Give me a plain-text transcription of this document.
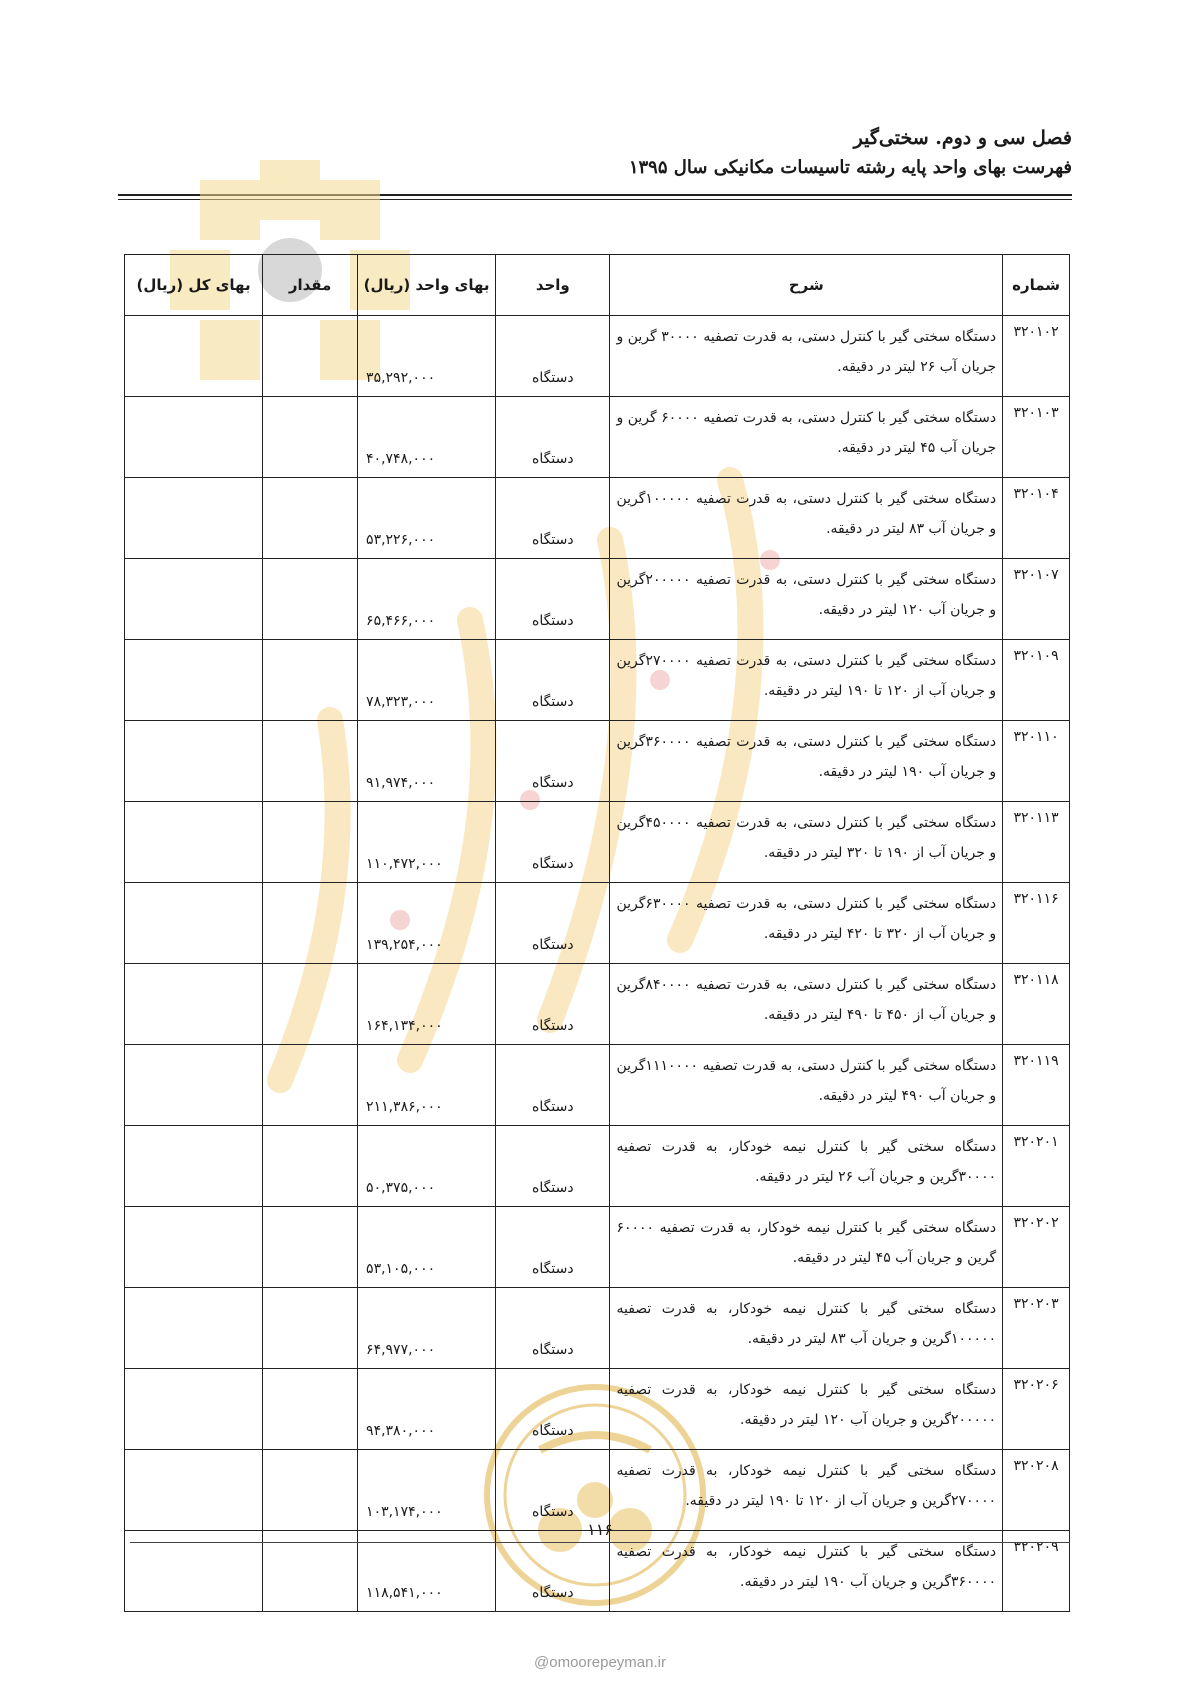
فصل سی و دوم. سختی‌گیر
فهرست بهای واحد پایه رشته تاسیسات مکانیکی سال ۱۳۹۵
شماره	شرح	واحد	بهای واحد (ریال)	مقدار	بهای کل (ریال)
۳۲۰۱۰۲	دستگاه سختی گیر با کنترل دستی، به قدرت تصفیه ۳۰۰۰۰ گرین و جریان آب ۲۶ لیتر در دقیقه.	دستگاه	۳۵,۲۹۲,۰۰۰		
۳۲۰۱۰۳	دستگاه سختی گیر با کنترل دستی، به قدرت تصفیه ۶۰۰۰۰ گرین و جریان آب ۴۵ لیتر در دقیقه.	دستگاه	۴۰,۷۴۸,۰۰۰		
۳۲۰۱۰۴	دستگاه سختی گیر با کنترل دستی، به قدرت تصفیه ۱۰۰۰۰۰گرین و جریان آب ۸۳ لیتر در دقیقه.	دستگاه	۵۳,۲۲۶,۰۰۰		
۳۲۰۱۰۷	دستگاه سختی گیر با کنترل دستی، به قدرت تصفیه ۲۰۰۰۰۰گرین و جریان آب ۱۲۰ لیتر در دقیقه.	دستگاه	۶۵,۴۶۶,۰۰۰		
۳۲۰۱۰۹	دستگاه سختی گیر با کنترل دستی، به قدرت تصفیه ۲۷۰۰۰۰گرین و جریان آب از ۱۲۰ تا ۱۹۰ لیتر در دقیقه.	دستگاه	۷۸,۳۲۳,۰۰۰		
۳۲۰۱۱۰	دستگاه سختی گیر با کنترل دستی، به قدرت تصفیه ۳۶۰۰۰۰گرین و جریان آب ۱۹۰ لیتر در دقیقه.	دستگاه	۹۱,۹۷۴,۰۰۰		
۳۲۰۱۱۳	دستگاه سختی گیر با کنترل دستی، به قدرت تصفیه ۴۵۰۰۰۰گرین و جریان آب از ۱۹۰ تا ۳۲۰ لیتر در دقیقه.	دستگاه	۱۱۰,۴۷۲,۰۰۰		
۳۲۰۱۱۶	دستگاه سختی گیر با کنترل دستی، به قدرت تصفیه ۶۳۰۰۰۰گرین و جریان آب از ۳۲۰ تا ۴۲۰ لیتر در دقیقه.	دستگاه	۱۳۹,۲۵۴,۰۰۰		
۳۲۰۱۱۸	دستگاه سختی گیر با کنترل دستی، به قدرت تصفیه ۸۴۰۰۰۰گرین و جریان آب از ۴۵۰ تا ۴۹۰ لیتر در دقیقه.	دستگاه	۱۶۴,۱۳۴,۰۰۰		
۳۲۰۱۱۹	دستگاه سختی گیر با کنترل دستی، به قدرت تصفیه ۱۱۱۰۰۰۰گرین و جریان آب ۴۹۰ لیتر در دقیقه.	دستگاه	۲۱۱,۳۸۶,۰۰۰		
۳۲۰۲۰۱	دستگاه سختی گیر با کنترل نیمه خودکار، به قدرت تصفیه ۳۰۰۰۰گرین و جریان آب ۲۶ لیتر در دقیقه.	دستگاه	۵۰,۳۷۵,۰۰۰		
۳۲۰۲۰۲	دستگاه سختی گیر با کنترل نیمه خودکار، به قدرت تصفیه ۶۰۰۰۰ گرین و جریان آب ۴۵ لیتر در دقیقه.	دستگاه	۵۳,۱۰۵,۰۰۰		
۳۲۰۲۰۳	دستگاه سختی گیر با کنترل نیمه خودکار، به قدرت تصفیه ۱۰۰۰۰۰گرین و جریان آب ۸۳ لیتر در دقیقه.	دستگاه	۶۴,۹۷۷,۰۰۰		
۳۲۰۲۰۶	دستگاه سختی گیر با کنترل نیمه خودکار، به قدرت تصفیه ۲۰۰۰۰۰گرین و جریان آب ۱۲۰ لیتر در دقیقه.	دستگاه	۹۴,۳۸۰,۰۰۰		
۳۲۰۲۰۸	دستگاه سختی گیر با کنترل نیمه خودکار، به قدرت تصفیه ۲۷۰۰۰۰گرین و جریان آب از ۱۲۰ تا ۱۹۰ لیتر در دقیقه.	دستگاه	۱۰۳,۱۷۴,۰۰۰		
۳۲۰۲۰۹	دستگاه سختی گیر با کنترل نیمه خودکار، به قدرت تصفیه ۳۶۰۰۰۰گرین و جریان آب ۱۹۰ لیتر در دقیقه.	دستگاه	۱۱۸,۵۴۱,۰۰۰		
۱۱۶
@omoorepeyman.ir
